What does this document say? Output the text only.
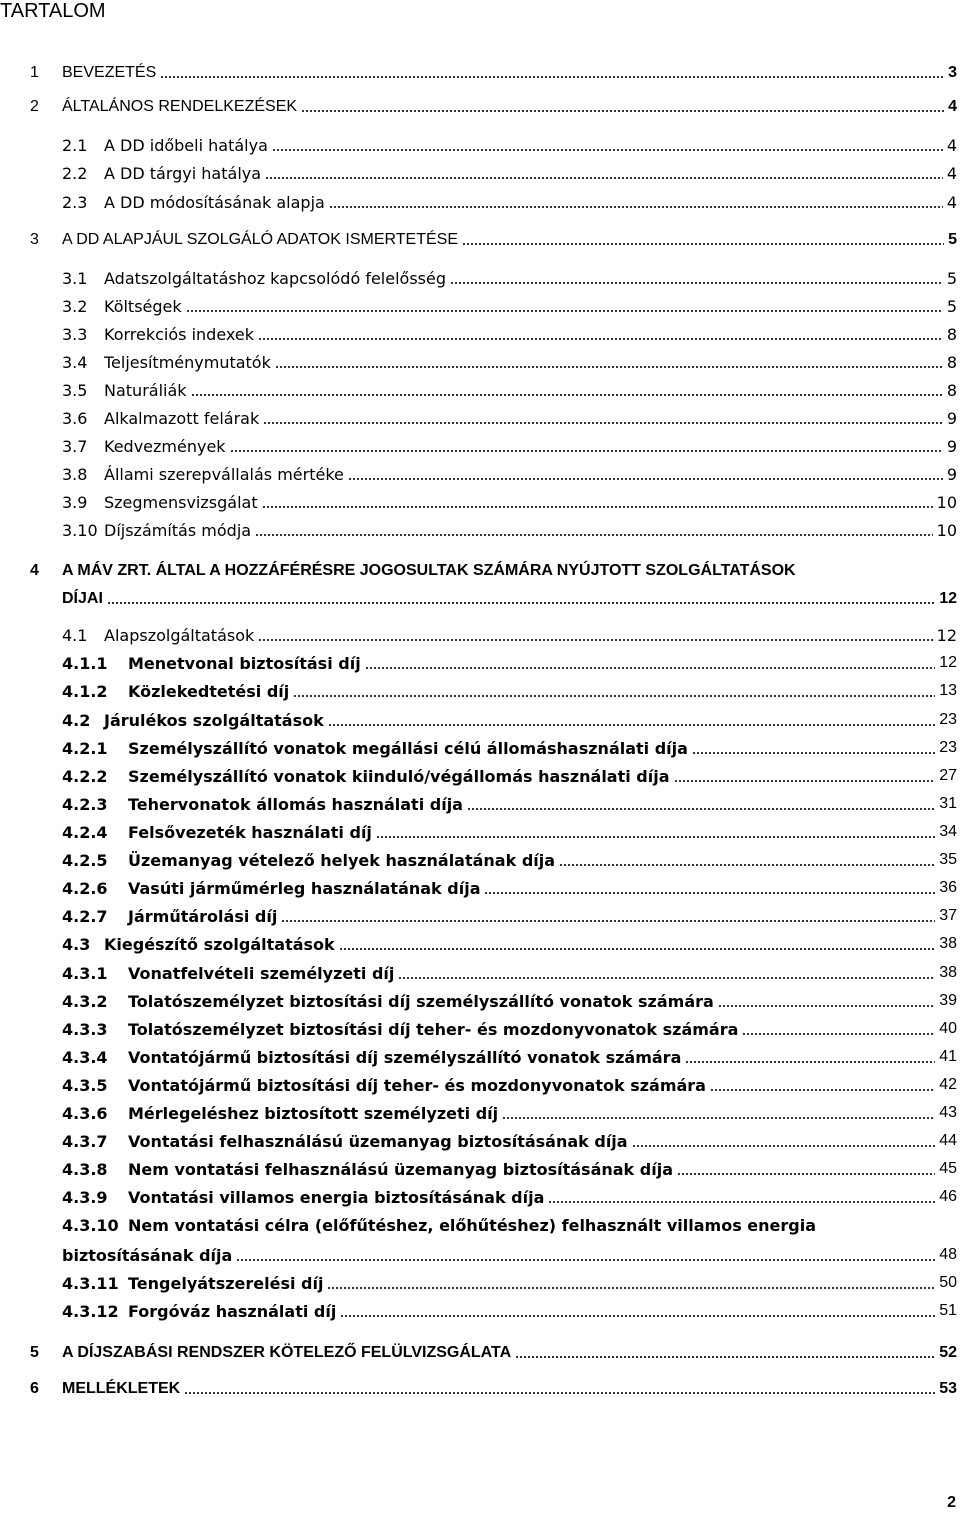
TARTALOM
1 BEVEZETÉS	3
2 ÁLTALÁNOS RENDELKEZÉSEK	4
2.1 A DD időbeli hatálya	4
2.2 A DD tárgyi hatálya	4
2.3 A DD módosításának alapja	4
3 A DD ALAPJÁUL SZOLGÁLÓ ADATOK ISMERTETÉSE	5
3.1 Adatszolgáltatáshoz kapcsolódó felelősség	5
3.2 Költségek	5
3.3 Korrekciós indexek	8
3.4 Teljesítménymutatók	8
3.5 Naturáliák	8
3.6 Alkalmazott felárak	9
3.7 Kedvezmények	9
3.8 Állami szerepvállalás mértéke	9
3.9 Szegmensvizsgálat	10
3.10 Díjszámítás módja	10
4 A MÁV ZRT. ÁLTAL A HOZZÁFÉRÉSRE JOGOSULTAK SZÁMÁRA NYÚJTOTT SZOLGÁLTATÁSOK
DÍJAI	12
4.1 Alapszolgáltatások	12
4.1.1 Menetvonal biztosítási díj	12
4.1.2 Közlekedtetési díj	13
4.2 Járulékos szolgáltatások	23
4.2.1 Személyszállító vonatok megállási célú állomáshasználati díja	23
4.2.2 Személyszállító vonatok kiinduló/végállomás használati díja	27
4.2.3 Tehervonatok állomás használati díja	31
4.2.4 Felsővezeték használati díj	34
4.2.5 Üzemanyag vételező helyek használatának díja	35
4.2.6 Vasúti járműmérleg használatának díja	36
4.2.7 Járműtárolási díj	37
4.3 Kiegészítő szolgáltatások	38
4.3.1 Vonatfelvételi személyzeti díj	38
4.3.2 Tolatószemélyzet biztosítási díj személyszállító vonatok számára	39
4.3.3 Tolatószemélyzet biztosítási díj teher- és mozdonyvonatok számára	40
4.3.4 Vontatójármű biztosítási díj személyszállító vonatok számára	41
4.3.5 Vontatójármű biztosítási díj teher- és mozdonyvonatok számára	42
4.3.6 Mérlegeléshez biztosított személyzeti díj	43
4.3.7 Vontatási felhasználású üzemanyag biztosításának díja	44
4.3.8 Nem vontatási felhasználású üzemanyag biztosításának díja	45
4.3.9 Vontatási villamos energia biztosításának díja	46
4.3.10 Nem vontatási célra (előfűtéshez, előhűtéshez) felhasznált villamos energia
biztosításának díja	48
4.3.11 Tengelyátszerelési díj	50
4.3.12 Forgóváz használati díj	51
5 A DÍJSZABÁSI RENDSZER KÖTELEZŐ FELÜLVIZSGÁLATA	52
6 MELLÉKLETEK	53
2
